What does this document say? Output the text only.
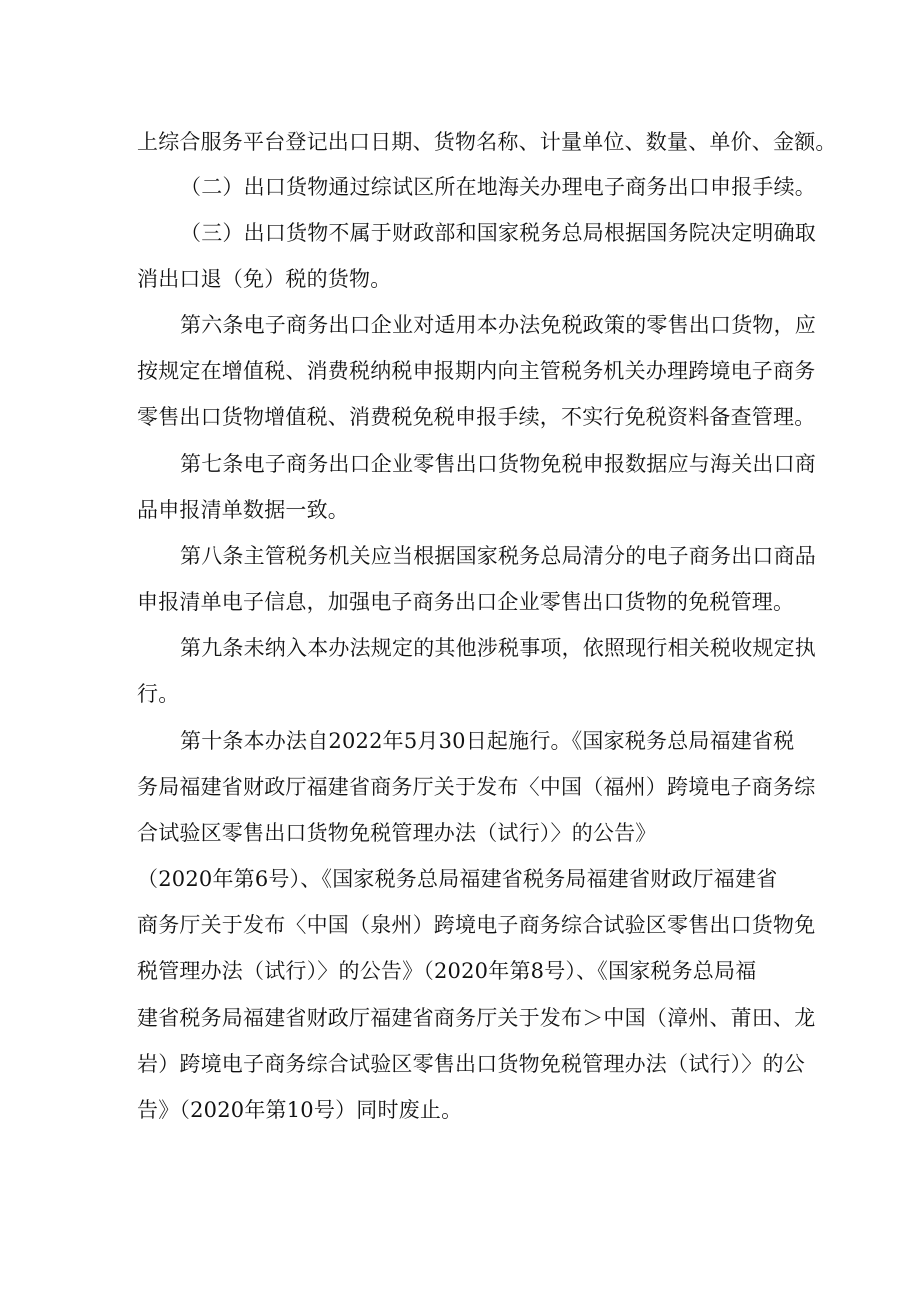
上综合服务平台登记出口日期、货物名称、计量单位、数量、单价、金额。
（二）出口货物通过综试区所在地海关办理电子商务出口申报手续。
（三）出口货物不属于财政部和国家税务总局根据国务院决定明确取
消出口退（免）税的货物。
第六条电子商务出口企业对适用本办法免税政策的零售出口货物，应
按规定在增值税、消费税纳税申报期内向主管税务机关办理跨境电子商务
零售出口货物增值税、消费税免税申报手续，不实行免税资料备查管理。
第七条电子商务出口企业零售出口货物免税申报数据应与海关出口商
品申报清单数据一致。
第八条主管税务机关应当根据国家税务总局清分的电子商务出口商品
申报清单电子信息，加强电子商务出口企业零售出口货物的免税管理。
第九条未纳入本办法规定的其他涉税事项，依照现行相关税收规定执
行。
第十条本办法自2022年5月30日起施行。《国家税务总局福建省税
务局福建省财政厅福建省商务厅关于发布〈中国（福州）跨境电子商务综
合试验区零售出口货物免税管理办法（试行）〉的公告》
（2020年第6号）、《国家税务总局福建省税务局福建省财政厅福建省
商务厅关于发布〈中国（泉州）跨境电子商务综合试验区零售出口货物免
税管理办法（试行）〉的公告》（2020年第8号）、《国家税务总局福
建省税务局福建省财政厅福建省商务厅关于发布＞中国（漳州、莆田、龙
岩）跨境电子商务综合试验区零售出口货物免税管理办法（试行）〉的公
告》（2020年第10号）同时废止。
